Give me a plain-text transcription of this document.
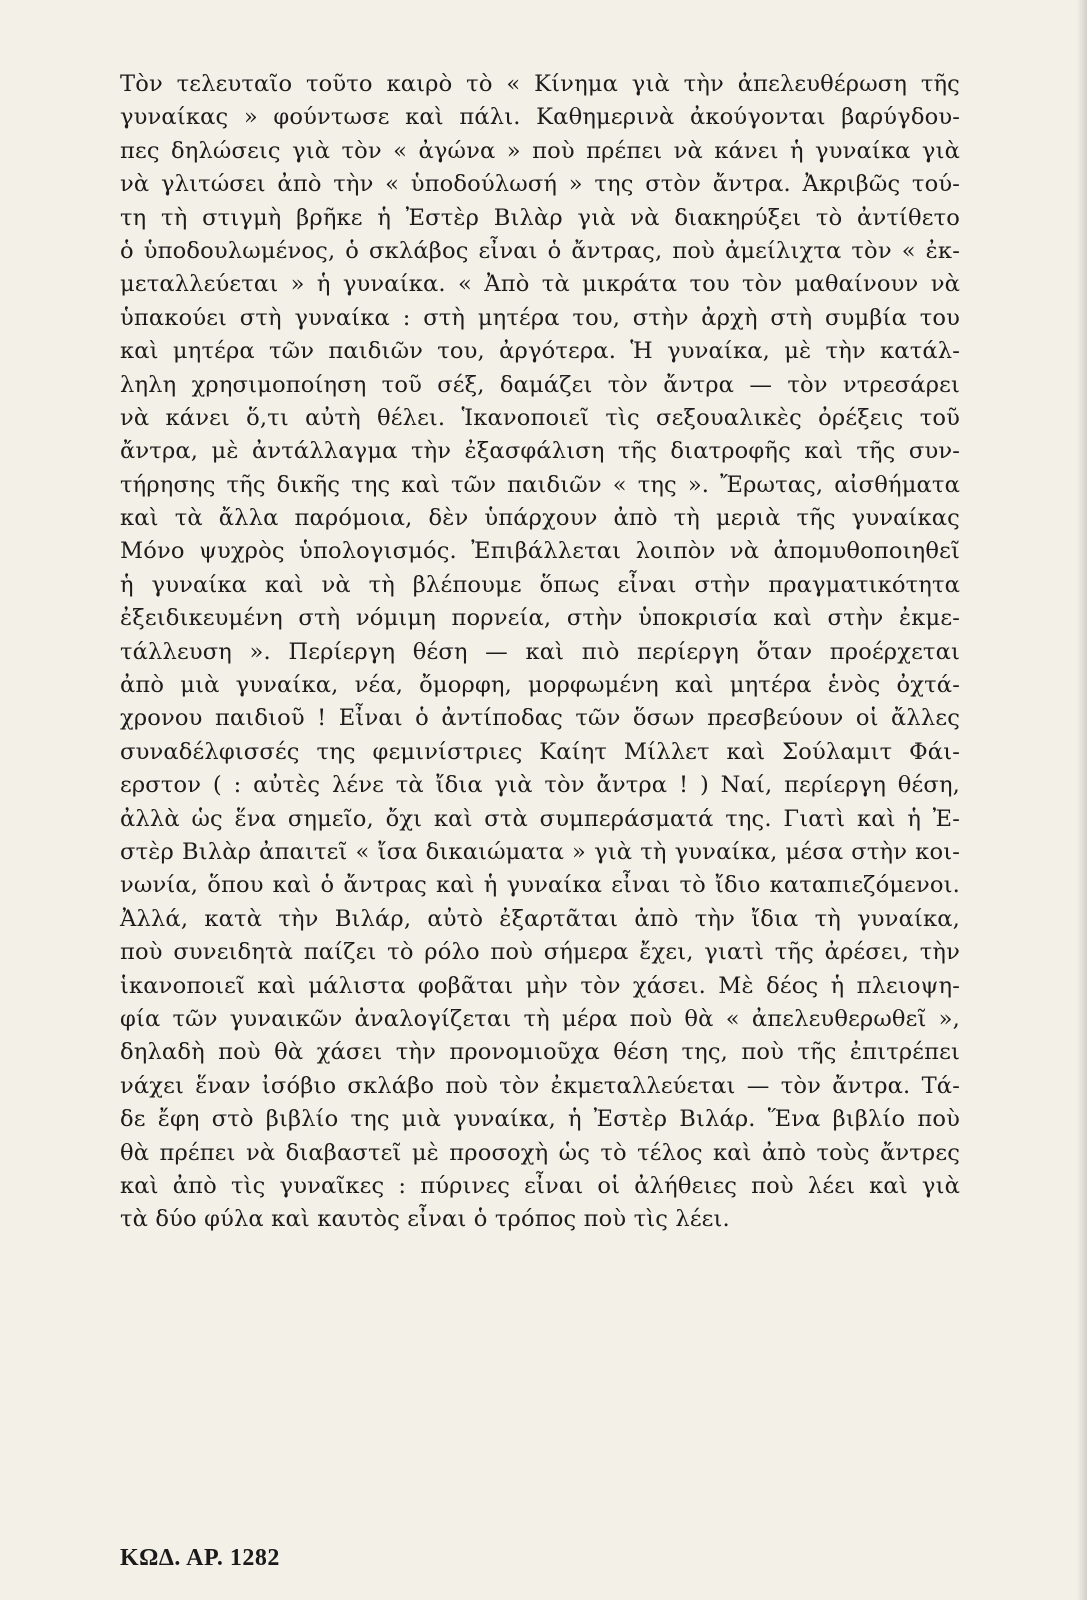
Τὸν τελευταῖο τοῦτο καιρὸ τὸ « Κίνημα γιὰ τὴν ἀπελευθέρωση τῆς
γυναίκας » φούντωσε καὶ πάλι. Καθημερινὰ ἀκούγονται βαρύγδου-
πες δηλώσεις γιὰ τὸν « ἀγώνα » ποὺ πρέπει νὰ κάνει ἡ γυναίκα γιὰ
νὰ γλιτώσει ἀπὸ τὴν « ὑποδούλωσή » της στὸν ἄντρα. Ἀκριβῶς τού-
τη τὴ στιγμὴ βρῆκε ἡ Ἐστὲρ Βιλὰρ γιὰ νὰ διακηρύξει τὸ ἀντίθετο
ὁ ὑποδουλωμένος, ὁ σκλάβος εἶναι ὁ ἄντρας, ποὺ ἀμείλιχτα τὸν « ἐκ-
μεταλλεύεται » ἡ γυναίκα. « Ἀπὸ τὰ μικράτα του τὸν μαθαίνουν νὰ
ὑπακούει στὴ γυναίκα : στὴ μητέρα του, στὴν ἀρχὴ στὴ συμβία του
καὶ μητέρα τῶν παιδιῶν του, ἀργότερα. Ἡ γυναίκα, μὲ τὴν κατάλ-
ληλη χρησιμοποίηση τοῦ σέξ, δαμάζει τὸν ἄντρα — τὸν ντρεσάρει
νὰ κάνει ὅ,τι αὐτὴ θέλει. Ἱκανοποιεῖ τὶς σεξουαλικὲς ὀρέξεις τοῦ
ἄντρα, μὲ ἀντάλλαγμα τὴν ἐξασφάλιση τῆς διατροφῆς καὶ τῆς συν-
τήρησης τῆς δικῆς της καὶ τῶν παιδιῶν « της ». Ἔρωτας, αἰσθήματα
καὶ τὰ ἄλλα παρόμοια, δὲν ὑπάρχουν ἀπὸ τὴ μεριὰ τῆς γυναίκας
Μόνο ψυχρὸς ὑπολογισμός. Ἐπιβάλλεται λοιπὸν νὰ ἀπομυθοποιηθεῖ
ἡ γυναίκα καὶ νὰ τὴ βλέπουμε ὅπως εἶναι στὴν πραγματικότητα
ἐξειδικευμένη στὴ νόμιμη πορνεία, στὴν ὑποκρισία καὶ στὴν ἐκμε-
τάλλευση ». Περίεργη θέση — καὶ πιὸ περίεργη ὅταν προέρχεται
ἀπὸ μιὰ γυναίκα, νέα, ὄμορφη, μορφωμένη καὶ μητέρα ἑνὸς ὀχτά-
χρονου παιδιοῦ ! Εἶναι ὁ ἀντίποδας τῶν ὅσων πρεσβεύουν οἱ ἄλλες
συναδέλφισσές της φεμινίστριες Καίητ Μίλλετ καὶ Σούλαμιτ Φάι-
ερστον ( : αὐτὲς λένε τὰ ἴδια γιὰ τὸν ἄντρα ! ) Ναί, περίεργη θέση,
ἀλλὰ ὡς ἕνα σημεῖο, ὄχι καὶ στὰ συμπεράσματά της. Γιατὶ καὶ ἡ Ἐ-
στὲρ Βιλὰρ ἀπαιτεῖ « ἴσα δικαιώματα » γιὰ τὴ γυναίκα, μέσα στὴν κοι-
νωνία, ὅπου καὶ ὁ ἄντρας καὶ ἡ γυναίκα εἶναι τὸ ἴδιο καταπιεζόμενοι.
Ἀλλά, κατὰ τὴν Βιλάρ, αὐτὸ ἐξαρτᾶται ἀπὸ τὴν ἴδια τὴ γυναίκα,
ποὺ συνειδητὰ παίζει τὸ ρόλο ποὺ σήμερα ἔχει, γιατὶ τῆς ἀρέσει, τὴν
ἱκανοποιεῖ καὶ μάλιστα φοβᾶται μὴν τὸν χάσει. Μὲ δέος ἡ πλειοψη-
φία τῶν γυναικῶν ἀναλογίζεται τὴ μέρα ποὺ θὰ « ἀπελευθερωθεῖ »,
δηλαδὴ ποὺ θὰ χάσει τὴν προνομιοῦχα θέση της, ποὺ τῆς ἐπιτρέπει
νάχει ἕναν ἰσόβιο σκλάβο ποὺ τὸν ἐκμεταλλεύεται — τὸν ἄντρα. Τά-
δε ἔφη στὸ βιβλίο της μιὰ γυναίκα, ἡ Ἐστὲρ Βιλάρ. Ἕνα βιβλίο ποὺ
θὰ πρέπει νὰ διαβαστεῖ μὲ προσοχὴ ὡς τὸ τέλος καὶ ἀπὸ τοὺς ἄντρες
καὶ ἀπὸ τὶς γυναῖκες : πύρινες εἶναι οἱ ἀλήθειες ποὺ λέει καὶ γιὰ
τὰ δύο φύλα καὶ καυτὸς εἶναι ὁ τρόπος ποὺ τὶς λέει.
ΚΩΔ. ΑΡ. 1282
